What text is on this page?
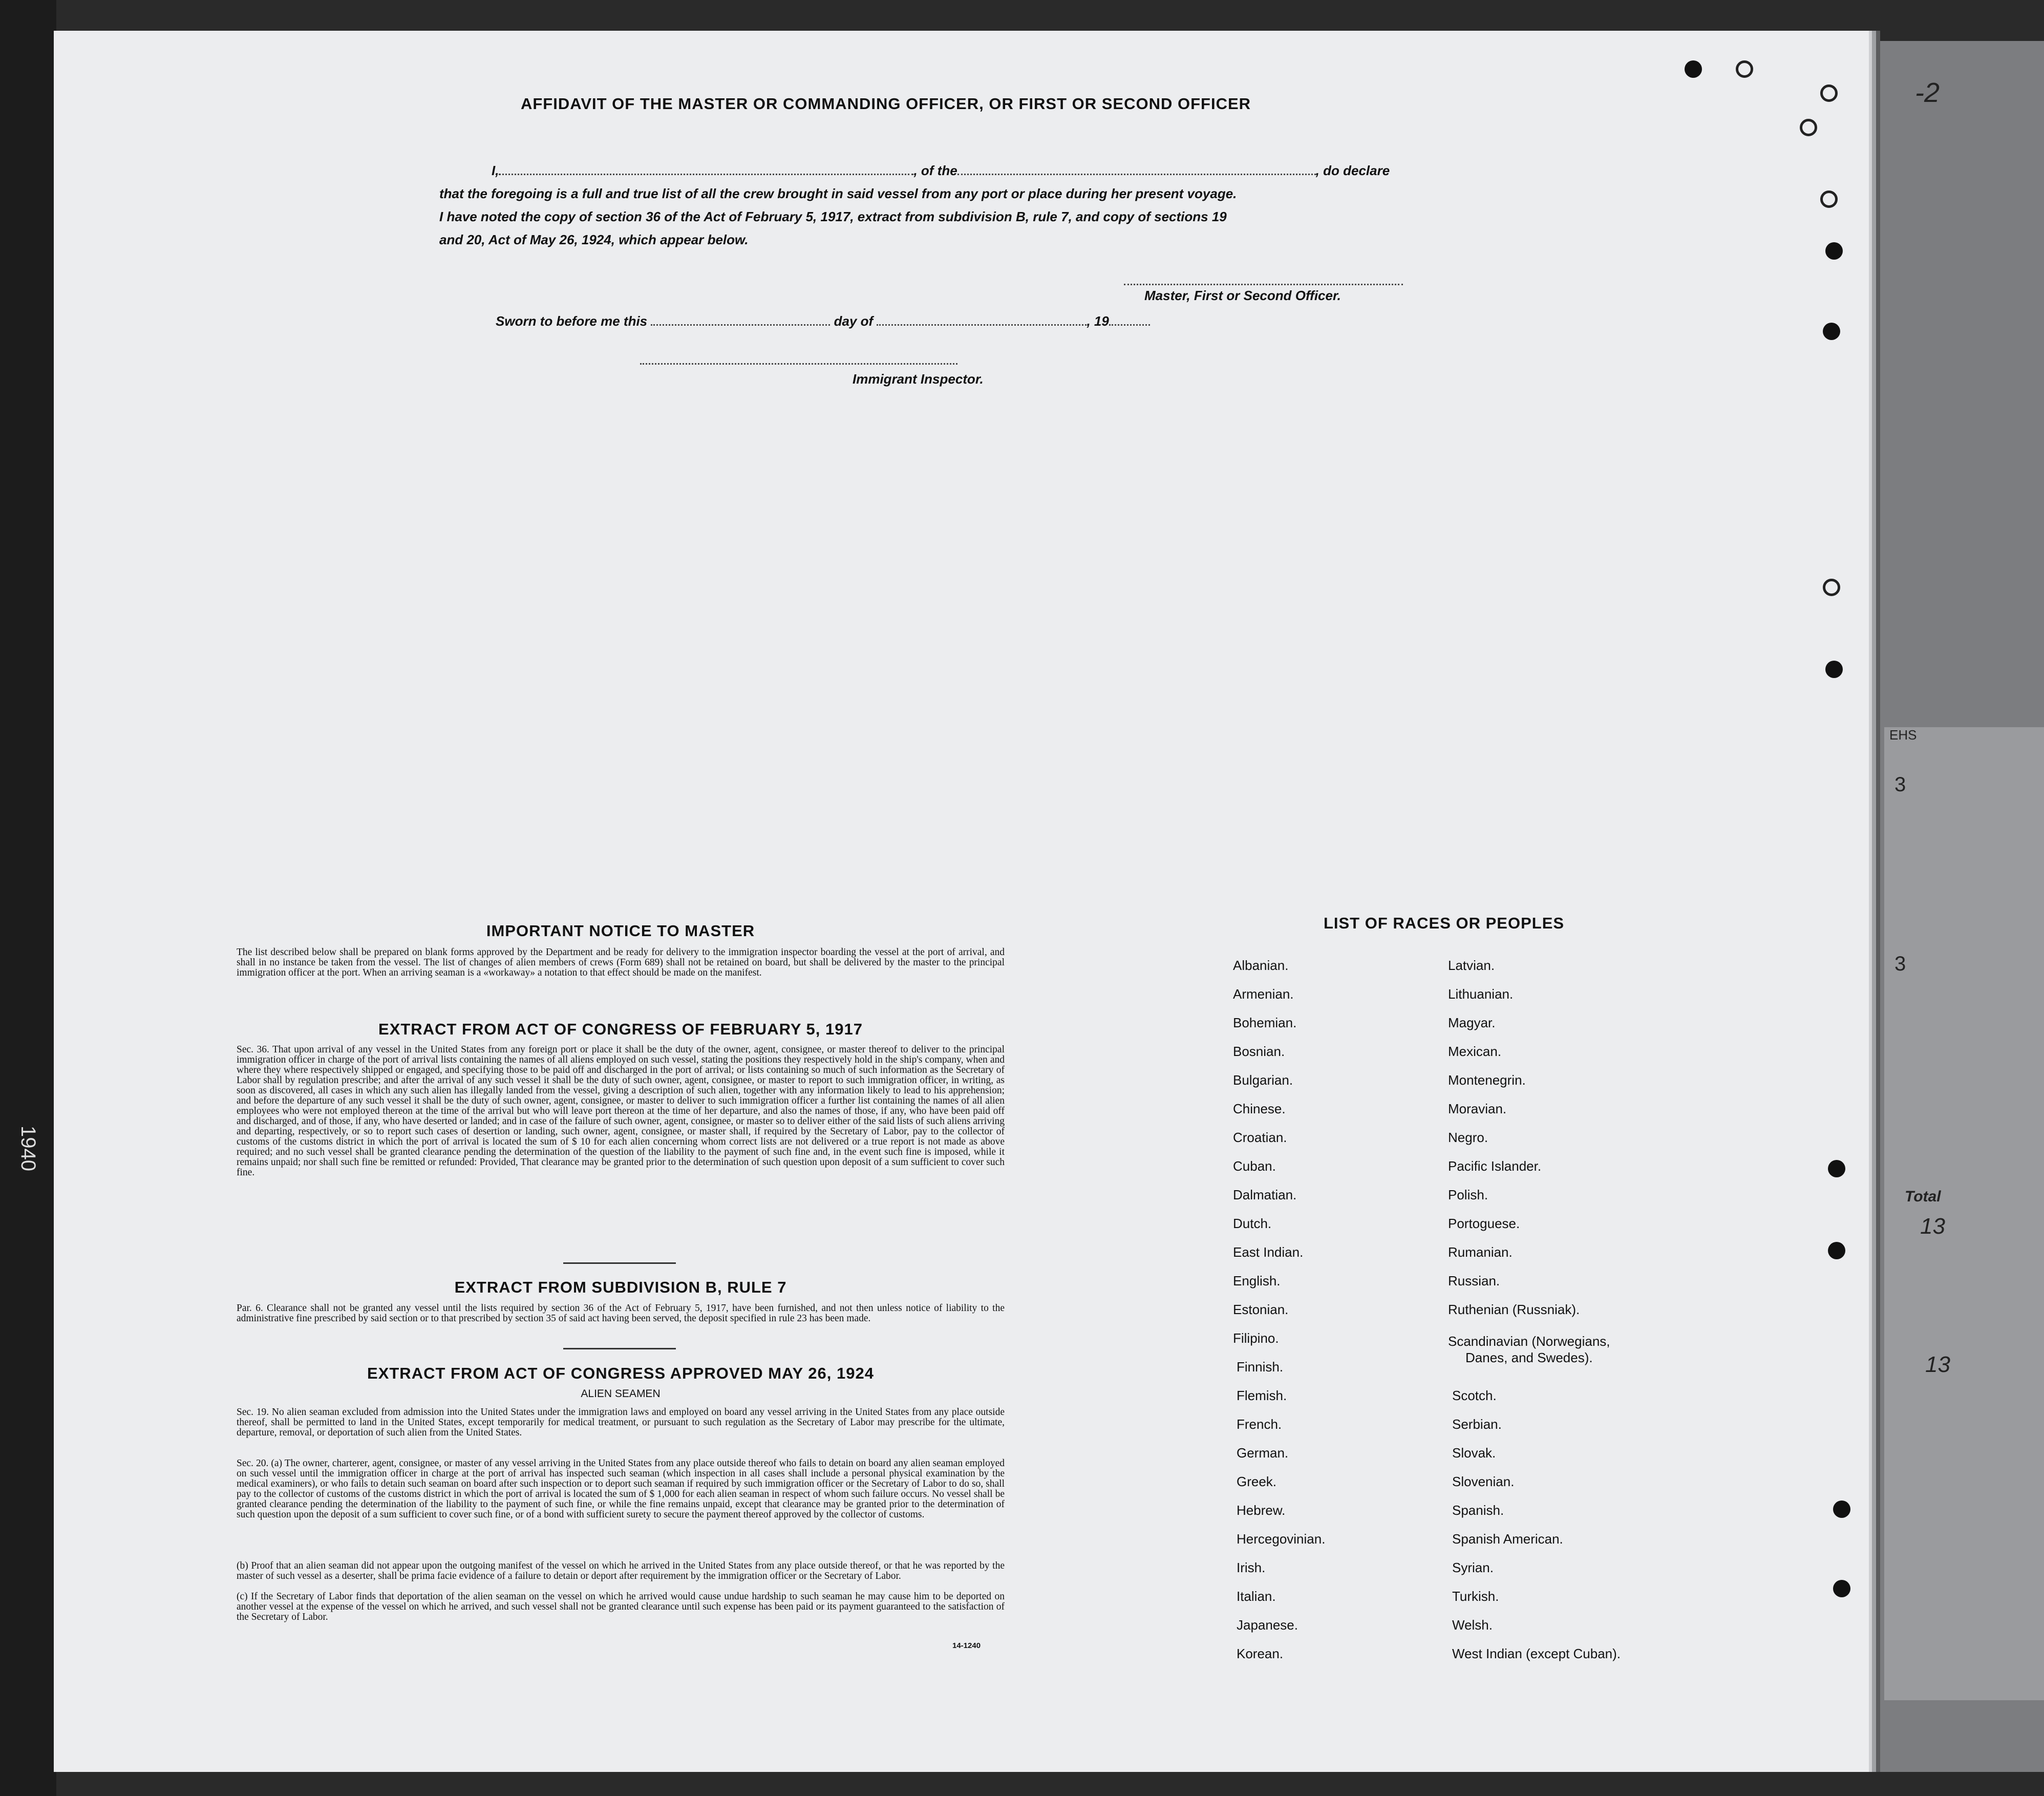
-2
EHS
3
3
Total
13
13
1940
AFFIDAVIT OF THE MASTER OR COMMANDING OFFICER, OR FIRST OR SECOND OFFICER
I,	, of the	, do declare
that the foregoing is a full and true list of all the crew brought in said vessel from any port or place during her present voyage.
I have noted the copy of section 36 of the Act of February 5, 1917, extract from subdivision B, rule 7, and copy of sections 19
and 20, Act of May 26, 1924, which appear below.
Master, First or Second Officer.
Sworn to before me this	day of	, 19
Immigrant Inspector.
IMPORTANT NOTICE TO MASTER
The list described below shall be prepared on blank forms approved by the Department and be ready for delivery to the immigration inspector boarding the vessel at the port of arrival, and shall in no instance be taken from the vessel. The list of changes of alien members of crews (Form 689) shall not be retained on board, but shall be delivered by the master to the principal immigration officer at the port. When an arriving seaman is a «workaway» a notation to that effect should be made on the manifest.
EXTRACT FROM ACT OF CONGRESS OF FEBRUARY 5, 1917
Sec. 36. That upon arrival of any vessel in the United States from any foreign port or place it shall be the duty of the owner, agent, consignee, or master thereof to deliver to the principal immigration officer in charge of the port of arrival lists containing the names of all aliens employed on such vessel, stating the positions they respectively hold in the ship's company, when and where they where respectively shipped or engaged, and specifying those to be paid off and discharged in the port of arrival; or lists containing so much of such information as the Secretary of Labor shall by regulation prescribe; and after the arrival of any such vessel it shall be the duty of such owner, agent, consignee, or master to report to such immigration officer, in writing, as soon as discovered, all cases in which any such alien has illegally landed from the vessel, giving a description of such alien, together with any information likely to lead to his apprehension; and before the departure of any such vessel it shall be the duty of such owner, agent, consignee, or master to deliver to such immigration officer a further list containing the names of all alien employees who were not employed thereon at the time of the arrival but who will leave port thereon at the time of her departure, and also the names of those, if any, who have been paid off and discharged, and of those, if any, who have deserted or landed; and in case of the failure of such owner, agent, consignee, or master so to deliver either of the said lists of such aliens arriving and departing, respectively, or so to report such cases of desertion or landing, such owner, agent, consignee, or master shall, if required by the Secretary of Labor, pay to the collector of customs of the customs district in which the port of arrival is located the sum of $ 10 for each alien concerning whom correct lists are not delivered or a true report is not made as above required; and no such vessel shall be granted clearance pending the determination of the question of the liability to the payment of such fine and, in the event such fine is imposed, while it remains unpaid; nor shall such fine be remitted or refunded: Provided, That clearance may be granted prior to the determination of such question upon deposit of a sum sufficient to cover such fine.
EXTRACT FROM SUBDIVISION B, RULE 7
Par. 6. Clearance shall not be granted any vessel until the lists required by section 36 of the Act of February 5, 1917, have been furnished, and not then unless notice of liability to the administrative fine prescribed by said section or to that prescribed by section 35 of said act having been served, the deposit specified in rule 23 has been made.
EXTRACT FROM ACT OF CONGRESS APPROVED MAY 26, 1924
ALIEN SEAMEN
Sec. 19. No alien seaman excluded from admission into the United States under the immigration laws and employed on board any vessel arriving in the United States from any place outside thereof, shall be permitted to land in the United States, except temporarily for medical treatment, or pursuant to such regulation as the Secretary of Labor may prescribe for the ultimate, departure, removal, or deportation of such alien from the United States.
Sec. 20. (a) The owner, charterer, agent, consignee, or master of any vessel arriving in the United States from any place outside thereof who fails to detain on board any alien seaman employed on such vessel until the immigration officer in charge at the port of arrival has inspected such seaman (which inspection in all cases shall include a personal physical examination by the medical examiners), or who fails to detain such seaman on board after such inspection or to deport such seaman if required by such immigration officer or the Secretary of Labor to do so, shall pay to the collector of customs of the customs district in which the port of arrival is located the sum of $ 1,000 for each alien seaman in respect of whom such failure occurs. No vessel shall be granted clearance pending the determination of the liability to the payment of such fine, or while the fine remains unpaid, except that clearance may be granted prior to the determination of such question upon the deposit of a sum sufficient to cover such fine, or of a bond with sufficient surety to secure the payment thereof approved by the collector of customs.
(b) Proof that an alien seaman did not appear upon the outgoing manifest of the vessel on which he arrived in the United States from any place outside thereof, or that he was reported by the master of such vessel as a deserter, shall be prima facie evidence of a failure to detain or deport after requirement by the immigration officer or the Secretary of Labor.
(c) If the Secretary of Labor finds that deportation of the alien seaman on the vessel on which he arrived would cause undue hardship to such seaman he may cause him to be deported on another vessel at the expense of the vessel on which he arrived, and such vessel shall not be granted clearance until such expense has been paid or its payment guaranteed to the satisfaction of the Secretary of Labor.
14-1240
LIST OF RACES OR PEOPLES
Albanian.
Armenian.
Bohemian.
Bosnian.
Bulgarian.
Chinese.
Croatian.
Cuban.
Dalmatian.
Dutch.
East Indian.
English.
Estonian.
Filipino.
Finnish.
Flemish.
French.
German.
Greek.
Hebrew.
Hercegovinian.
Irish.
Italian.
Japanese.
Korean.
Latvian.
Lithuanian.
Magyar.
Mexican.
Montenegrin.
Moravian.
Negro.
Pacific Islander.
Polish.
Portoguese.
Rumanian.
Russian.
Ruthenian (Russniak).
Scandinavian (Norwegians,
Danes, and Swedes).
Scotch.
Serbian.
Slovak.
Slovenian.
Spanish.
Spanish American.
Syrian.
Turkish.
Welsh.
West Indian (except Cuban).
